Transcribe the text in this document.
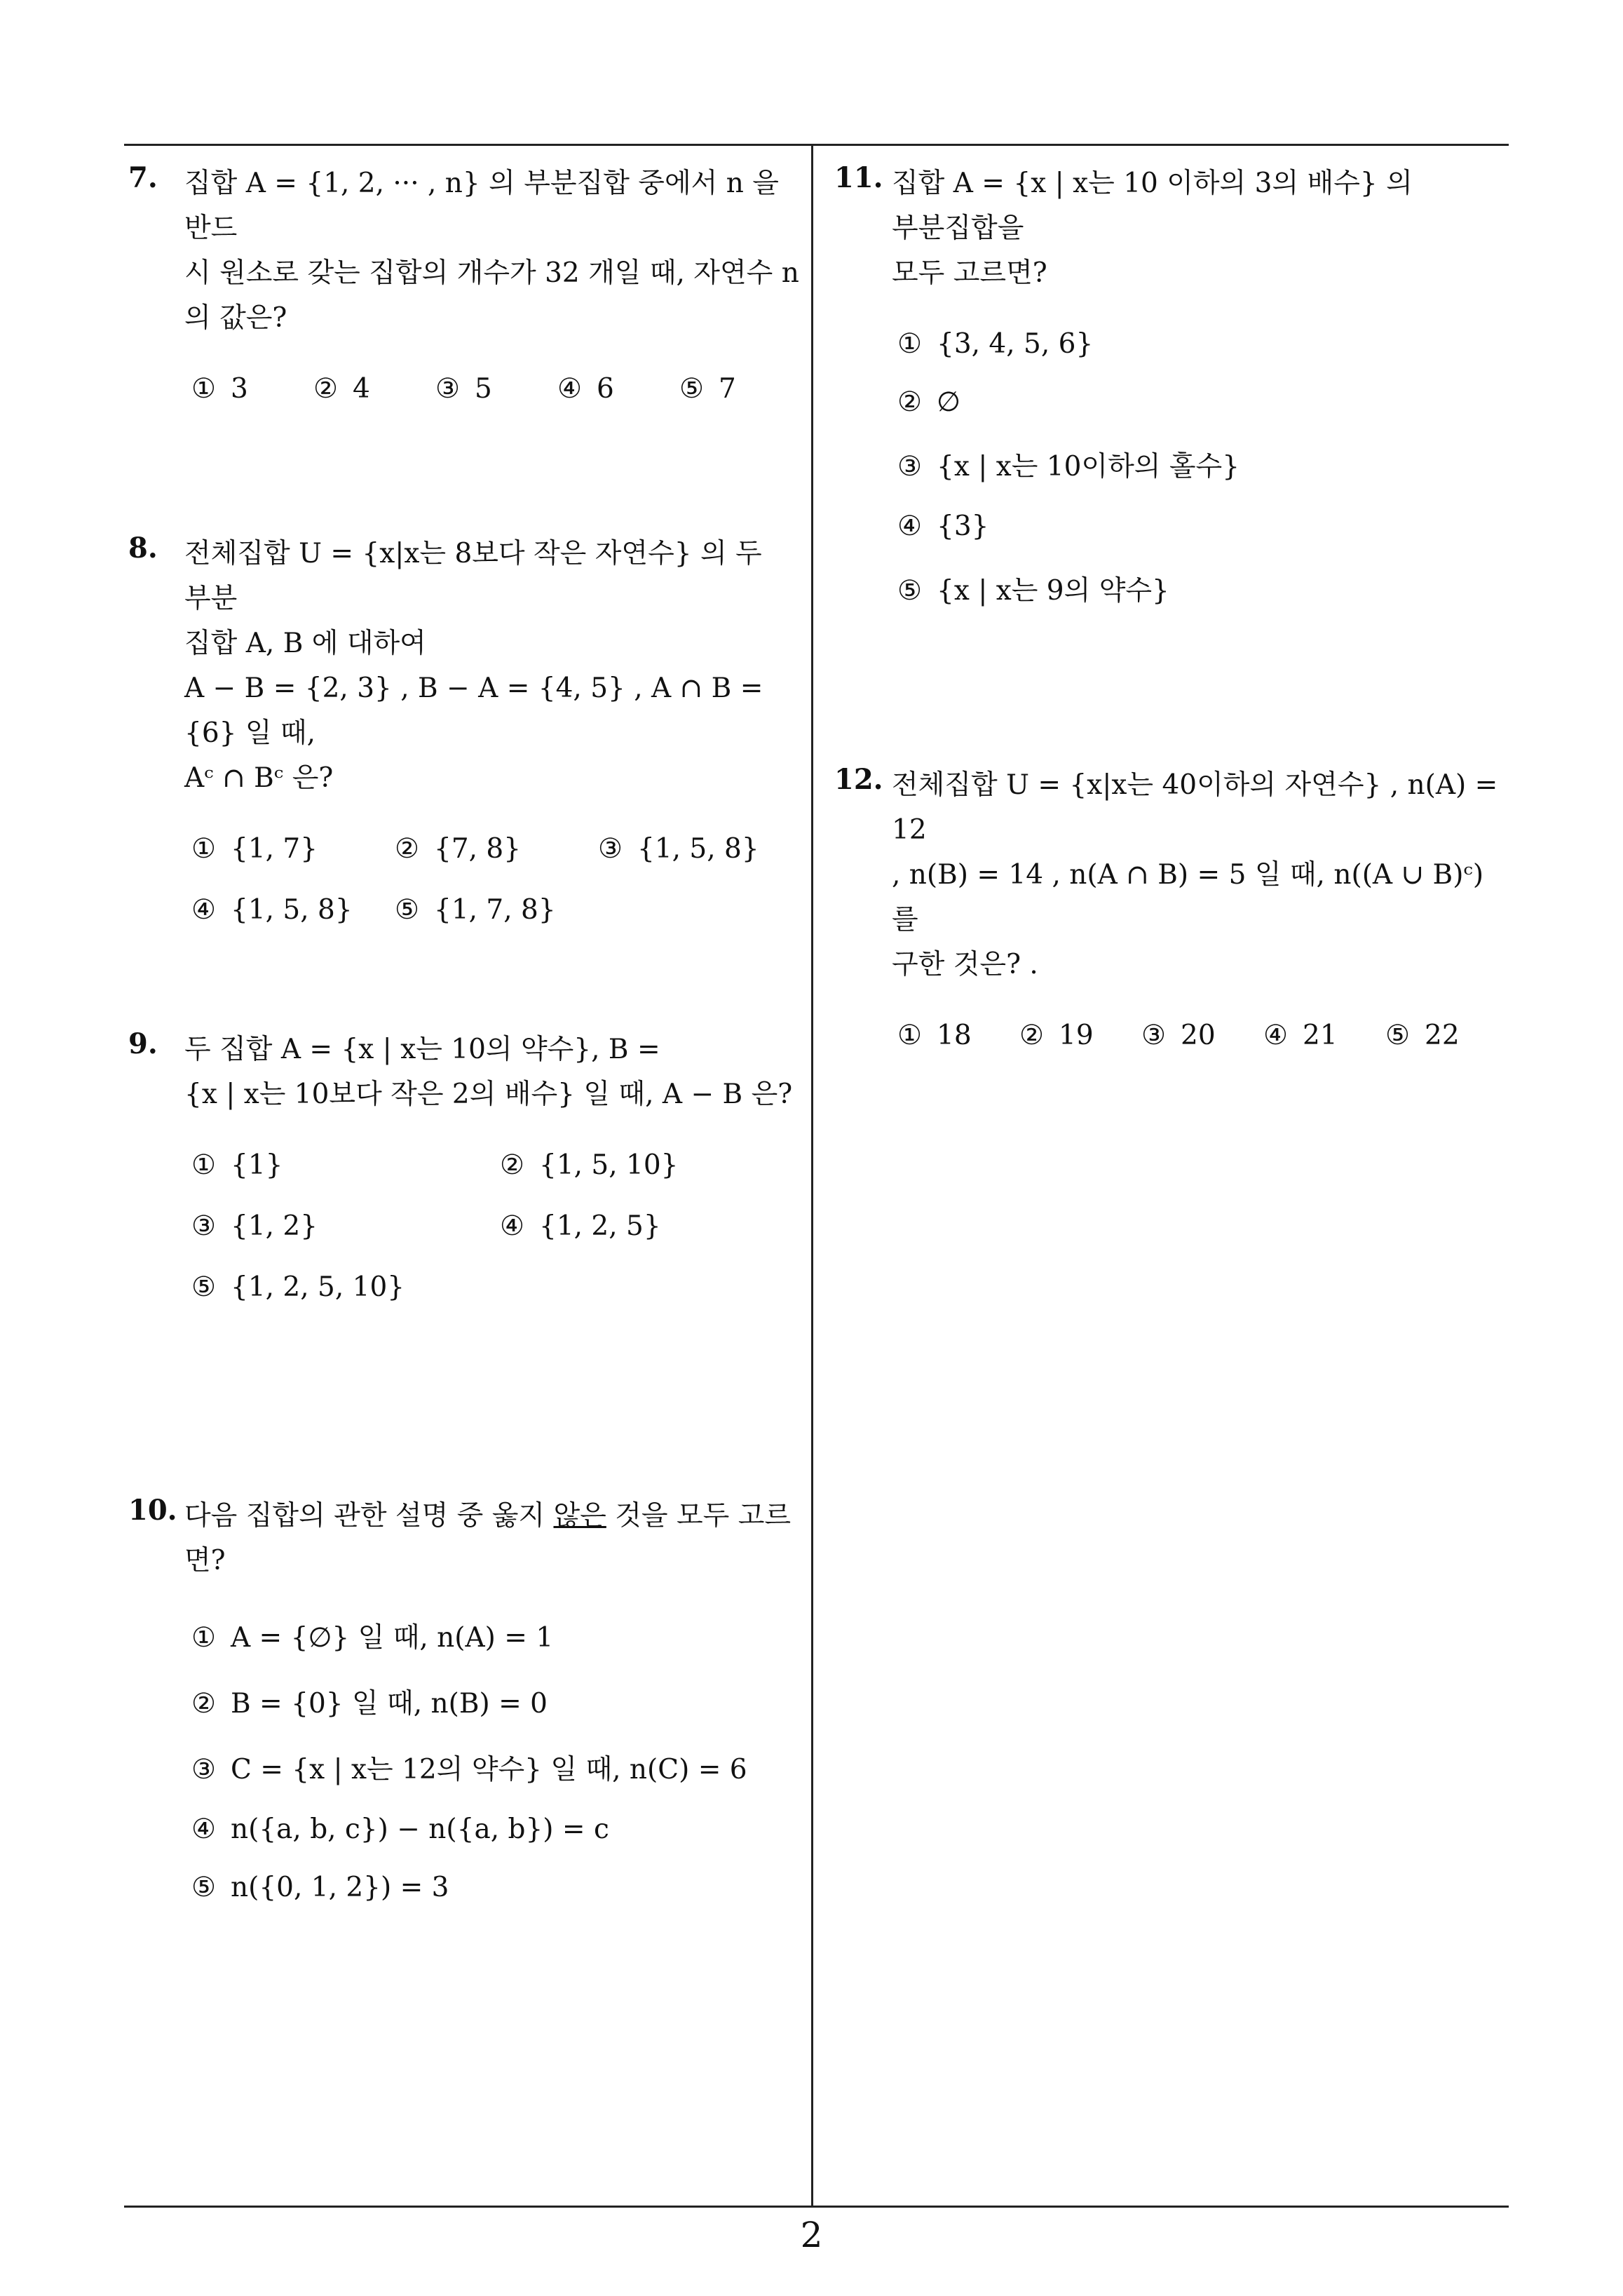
7. 집합 A = {1, 2, ··· , n} 의 부분집합 중에서 n 을 반드
시 원소로 갖는 집합의 개수가 32 개일 때, 자연수 n
의 값은?
① 3 ② 4 ③ 5 ④ 6 ⑤ 7
8. 전체집합 U = {x|x는 8보다 작은 자연수} 의 두 부분
집합 A, B 에 대하여
A − B = {2, 3} , B − A = {4, 5} , A ∩ B = {6} 일 때,
Aᶜ ∩ Bᶜ 은?
① {1, 7}	② {7, 8}	③ {1, 5, 8}
④ {1, 5, 8} ⑤ {1, 7, 8}
9. 두 집합 A = {x | x는 10의 약수}, B =
{x | x는 10보다 작은 2의 배수} 일 때, A − B 은?
① {1}	② {1, 5, 10}
③ {1, 2}	④ {1, 2, 5}
⑤ {1, 2, 5, 10}
10. 다음 집합의 관한 설명 중 옳지 않은 것을 모두 고르
면?
① A = {∅} 일 때, n(A) = 1
② B = {0} 일 때, n(B) = 0
③ C = {x | x는 12의 약수} 일 때, n(C) = 6
④ n({a, b, c}) − n({a, b}) = c
⑤ n({0, 1, 2}) = 3
11. 집합 A = {x | x는 10 이하의 3의 배수} 의 부분집합을
모두 고르면?
① {3, 4, 5, 6}
② ∅
③ {x | x는 10이하의 홀수}
④ {3}
⑤ {x | x는 9의 약수}
12. 전체집합 U = {x|x는 40이하의 자연수} , n(A) = 12
, n(B) = 14 , n(A ∩ B) = 5 일 때, n((A ∪ B)ᶜ) 를
구한 것은? .
① 18 ② 19 ③ 20 ④ 21 ⑤ 22
2
